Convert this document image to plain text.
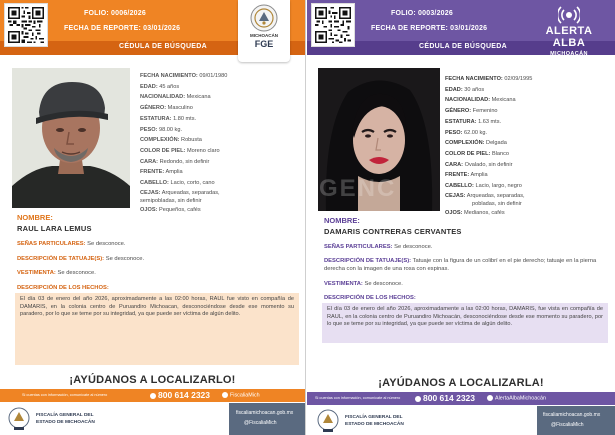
FOLIO: 0006/2026
FECHA DE REPORTE: 03/01/2026
CÉDULA DE BÚSQUEDA
MICHOACÁN
FGE
FECHA NACIMIENTO: 09/01/1980
EDAD: 45 años
NACIONALIDAD: Mexicana
GÉNERO: Masculino
ESTATURA: 1.80 mts.
PESO: 98.00 kg.
COMPLEXIÓN: Robusta
COLOR DE PIEL: Moreno claro
CARA: Redondo, sin definir
FRENTE: Amplia
CABELLO: Lacio, corto, cano
CEJAS: Arqueadas, separadas,
semipobladas, sin definir
OJOS: Pequeños, cafés
NOMBRE:
RAUL LARA LEMUS
SEÑAS PARTICULARES: Se desconoce.
DESCRIPCIÓN DE TATUAJE(S): Se desconoce.
VESTIMENTA: Se desconoce.
DESCRIPCIÓN DE LOS HECHOS:
El día 03 de enero del año 2026, aproximadamente a las 02:00 horas, RAUL fue visto en compañía de DAMARIS, en la colonia centro de Puruandiro Michoacan, desconociéndose desde ese momento su paradero, por lo que se teme por su integridad, ya que puede ser víctima de algún delito.
¡AYÚDANOS A LOCALIZARLO!
Si cuentas con información, comunícate al número	800 614 2323	FiscaliaMich
FISCALÍA GENERAL DEL
ESTADO DE MICHOACÁN
fiscaliamichoacan.gob.mx
@FiscaliaMich
FOLIO: 0003/2026
FECHA DE REPORTE: 03/01/2026
CÉDULA DE BÚSQUEDA
ALERTA
ALBA
MICHOACÁN
GENC
FECHA NACIMIENTO: 02/09/1995
EDAD: 30 años
NACIONALIDAD: Mexicana
GÉNERO: Femenino
ESTATURA: 1.63 mts.
PESO: 62.00 kg.
COMPLEXIÓN: Delgada
COLOR DE PIEL: Blanco
CARA: Ovalado, sin definir
FRENTE: Amplia
CABELLO: Lacio, largo, negro
CEJAS: Arqueadas, separadas,
pobladas, sin definir
OJOS: Medianos, cafés
NOMBRE:
DAMARIS CONTRERAS CERVANTES
SEÑAS PARTICULARES: Se desconoce.
DESCRIPCIÓN DE TATUAJE(S): Tatuaje con la figura de un colibrí en el pie derecho; tatuaje en la pierna derecha con la imagen de una rosa con espinas.
VESTIMENTA: Se desconoce.
DESCRIPCIÓN DE LOS HECHOS:
El día 03 de enero del año 2026, aproximadamente a las 02:00 horas, DAMARIS, fue vista en compañía de RAUL, en la colonia centro de Puruandiro Michoacán, desconociéndose desde ese momento su paradero, por lo que se teme por su integridad, ya que puede ser víctima de algún delito.
¡AYÚDANOS A LOCALIZARLA!
Si cuentas con información, comunícate al número	800 614 2323	AlertaAlbaMichoacán
FISCALÍA GENERAL DEL
ESTADO DE MICHOACÁN
fiscaliamichoacan.gob.mx
@FiscaliaMich
